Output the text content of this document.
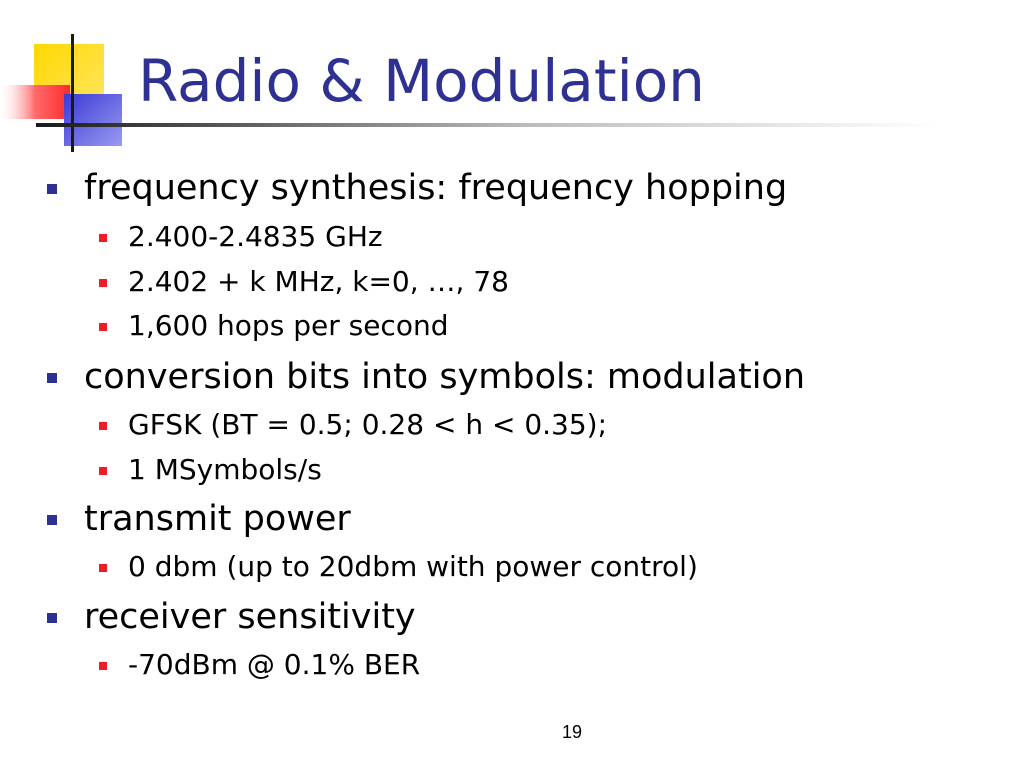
Radio & Modulation
frequency synthesis: frequency hopping
2.400-2.4835 GHz
2.402 + k MHz, k=0, …, 78
1,600 hops per second
conversion bits into symbols: modulation
GFSK (BT = 0.5; 0.28 < h < 0.35);
1 MSymbols/s
transmit power
0 dbm (up to 20dbm with power control)
receiver sensitivity
-70dBm @ 0.1% BER
19
